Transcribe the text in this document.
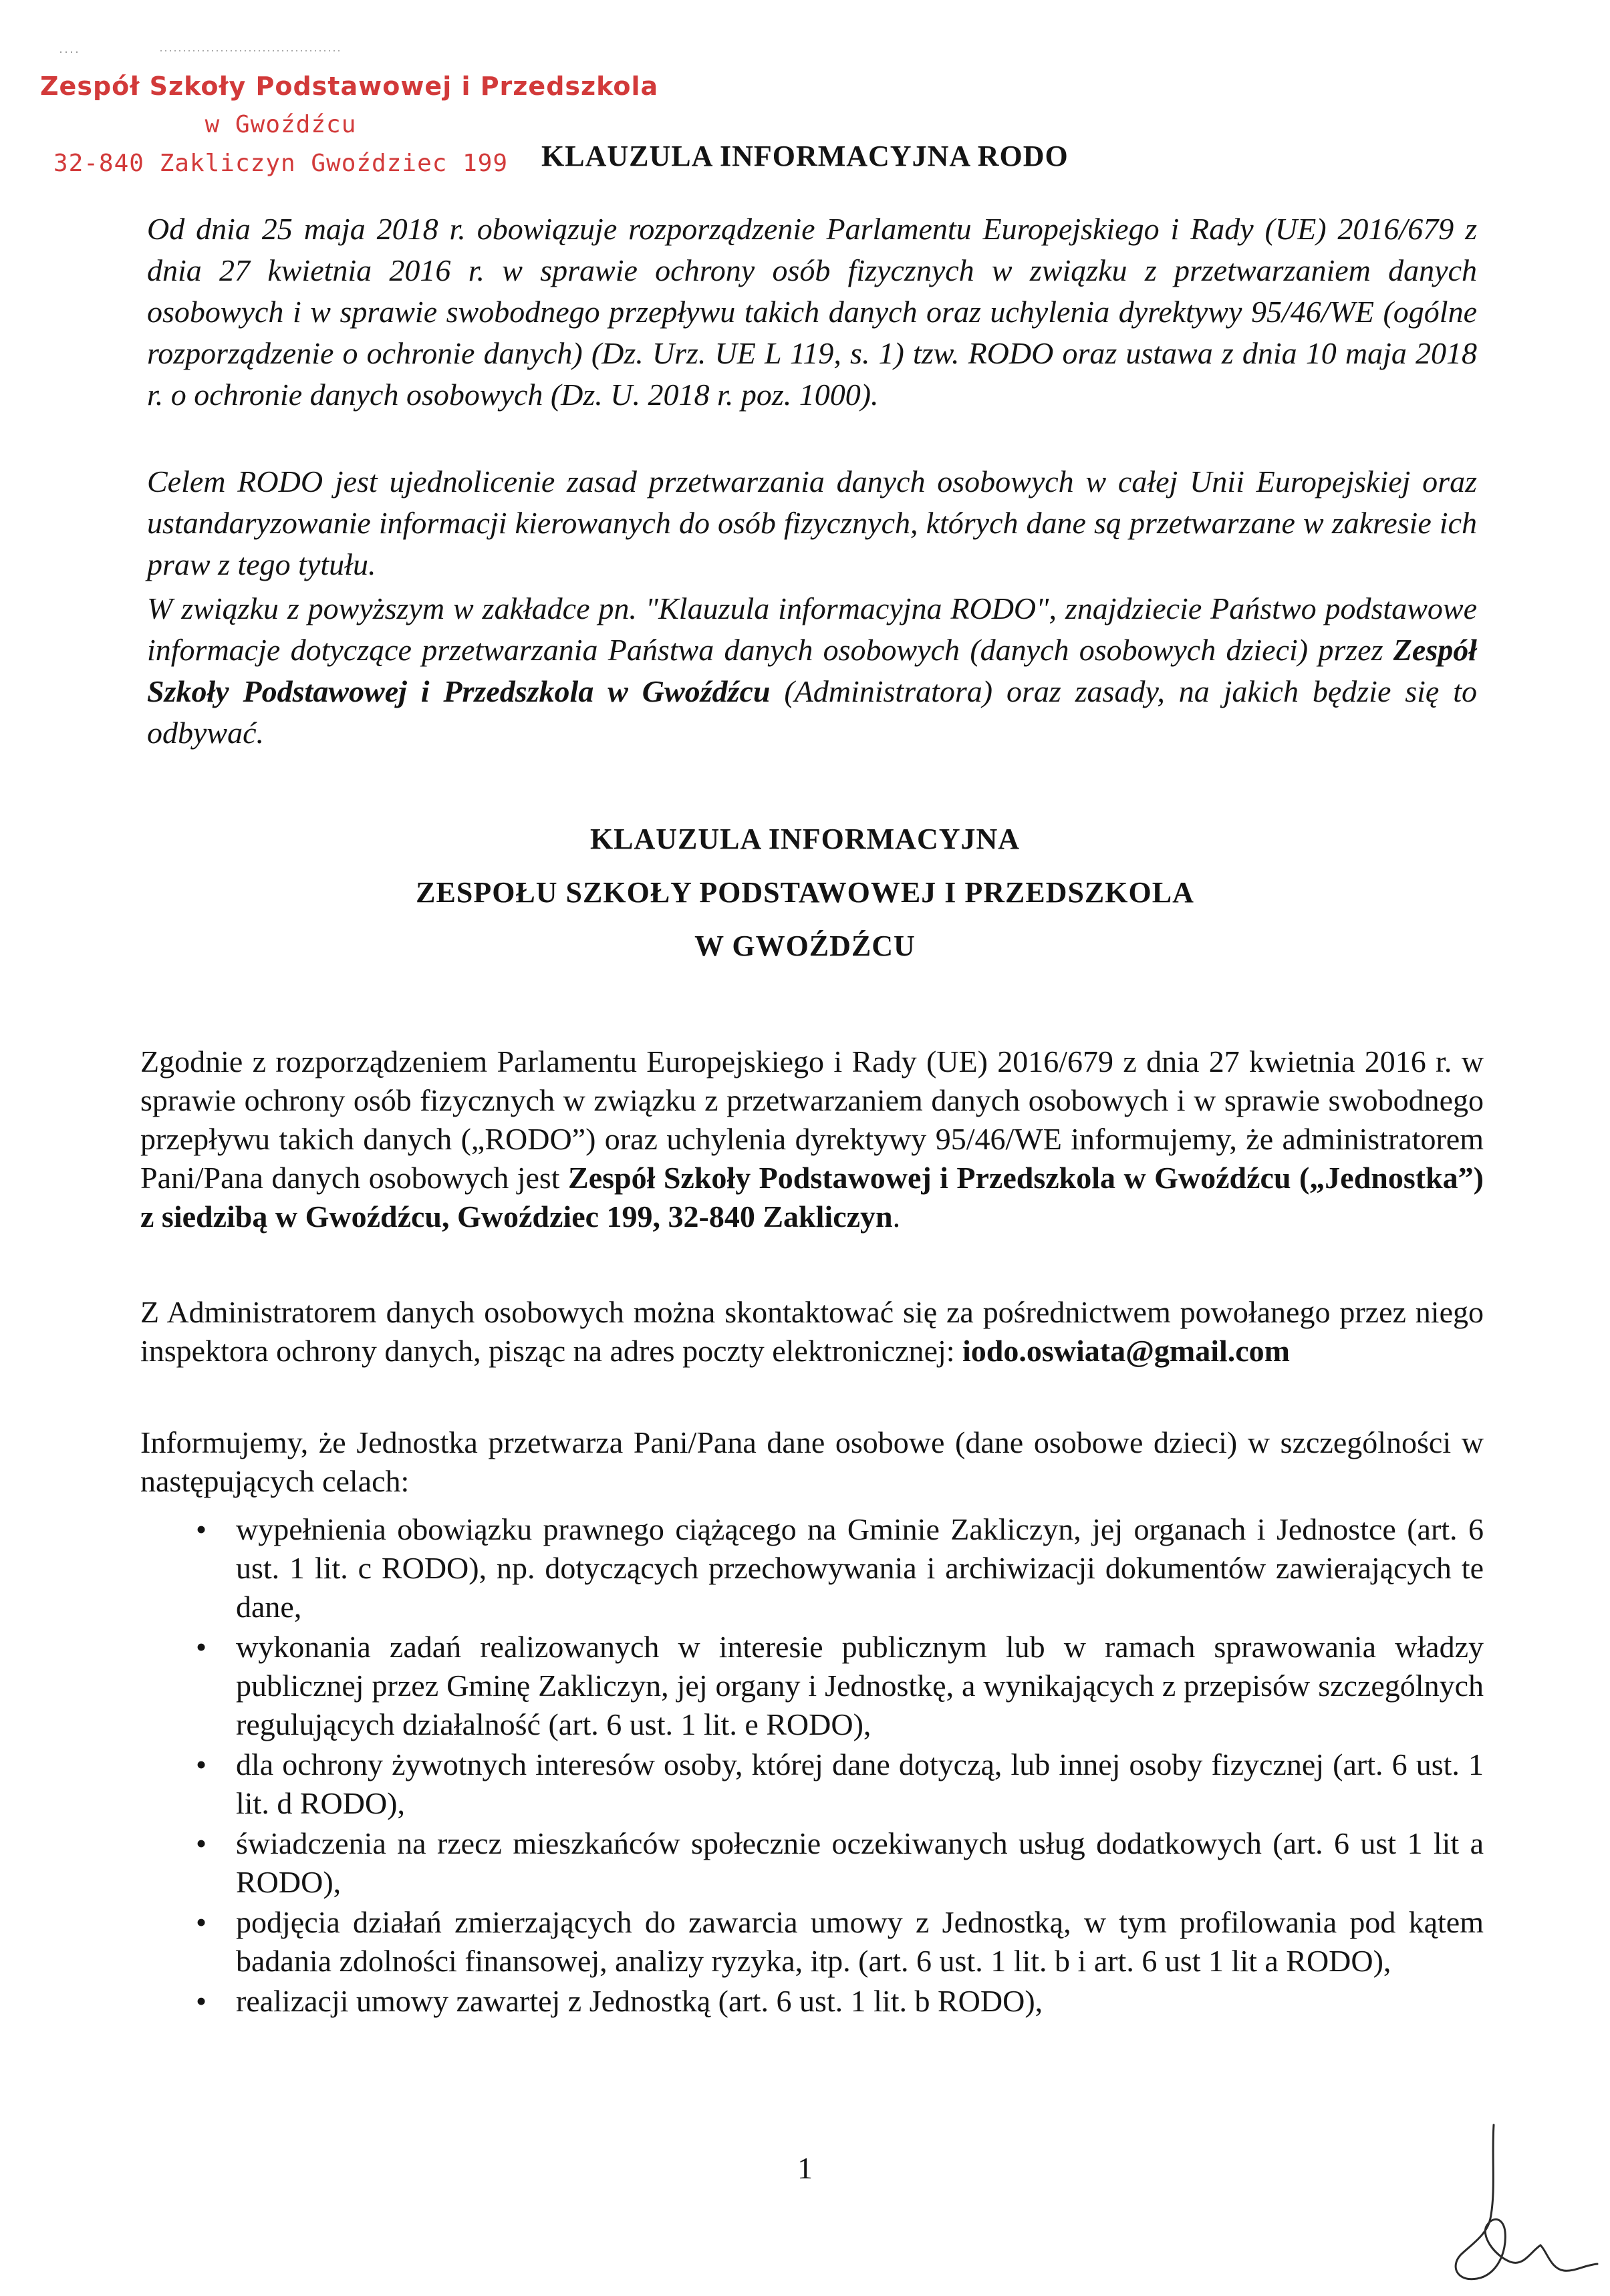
Zespół Szkoły Podstawowej i Przedszkola
w Gwoźdźcu
32-840 Zakliczyn Gwoździec 199	KLAUZULA INFORMACYJNA RODO

Od dnia 25 maja 2018 r. obowiązuje rozporządzenie Parlamentu Europejskiego i Rady (UE) 2016/679 z dnia 27 kwietnia 2016 r. w sprawie ochrony osób fizycznych w związku z przetwarzaniem danych osobowych i w sprawie swobodnego przepływu takich danych oraz uchylenia dyrektywy 95/46/WE (ogólne rozporządzenie o ochronie danych) (Dz. Urz. UE L 119, s. 1) tzw. RODO oraz ustawa z dnia 10 maja 2018 r. o ochronie danych osobowych (Dz. U. 2018 r. poz. 1000).

Celem RODO jest ujednolicenie zasad przetwarzania danych osobowych w całej Unii Europejskiej oraz ustandaryzowanie informacji kierowanych do osób fizycznych, których dane są przetwarzane w zakresie ich praw z tego tytułu.

W związku z powyższym w zakładce pn. "Klauzula informacyjna RODO", znajdziecie Państwo podstawowe informacje dotyczące przetwarzania Państwa danych osobowych (danych osobowych dzieci) przez Zespół Szkoły Podstawowej i Przedszkola w Gwoźdźcu (Administratora) oraz zasady, na jakich będzie się to odbywać.

KLAUZULA INFORMACYJNA

ZESPOŁU SZKOŁY PODSTAWOWEJ I PRZEDSZKOLA

W GWOŹDŹCU

Zgodnie z rozporządzeniem Parlamentu Europejskiego i Rady (UE) 2016/679 z dnia 27 kwietnia 2016 r. w sprawie ochrony osób fizycznych w związku z przetwarzaniem danych osobowych i w sprawie swobodnego przepływu takich danych („RODO”) oraz uchylenia dyrektywy 95/46/WE informujemy, że administratorem Pani/Pana danych osobowych jest Zespół Szkoły Podstawowej i Przedszkola w Gwoźdźcu („Jednostka”) z siedzibą w Gwoźdźcu, Gwoździec 199, 32-840 Zakliczyn.

Z Administratorem danych osobowych można skontaktować się za pośrednictwem powołanego przez niego inspektora ochrony danych, pisząc na adres poczty elektronicznej: iodo.oswiata@gmail.com

Informujemy, że Jednostka przetwarza Pani/Pana dane osobowe (dane osobowe dzieci) w szczególności w następujących celach:

• wypełnienia obowiązku prawnego ciążącego na Gminie Zakliczyn, jej organach i Jednostce (art. 6 ust. 1 lit. c RODO), np. dotyczących przechowywania i archiwizacji dokumentów zawierających te dane,
• wykonania zadań realizowanych w interesie publicznym lub w ramach sprawowania władzy publicznej przez Gminę Zakliczyn, jej organy i Jednostkę, a wynikających z przepisów szczególnych regulujących działalność (art. 6 ust. 1 lit. e RODO),
• dla ochrony żywotnych interesów osoby, której dane dotyczą, lub innej osoby fizycznej (art. 6 ust. 1 lit. d RODO),
• świadczenia na rzecz mieszkańców społecznie oczekiwanych usług dodatkowych (art. 6 ust 1 lit a RODO),
• podjęcia działań zmierzających do zawarcia umowy z Jednostką, w tym profilowania pod kątem badania zdolności finansowej, analizy ryzyka, itp. (art. 6 ust. 1 lit. b i art. 6 ust 1 lit a RODO),
• realizacji umowy zawartej z Jednostką (art. 6 ust. 1 lit. b RODO),
1
